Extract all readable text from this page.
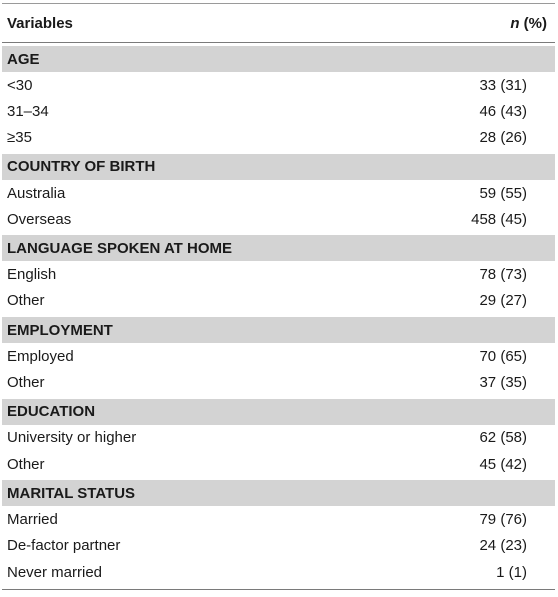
Variables	n (%)
AGE
<30	33 (31)
31–34	46 (43)
≥35	28 (26)
COUNTRY OF BIRTH
Australia	59 (55)
Overseas	458 (45)
LANGUAGE SPOKEN AT HOME
English	78 (73)
Other	29 (27)
EMPLOYMENT
Employed	70 (65)
Other	37 (35)
EDUCATION
University or higher	62 (58)
Other	45 (42)
MARITAL STATUS
Married	79 (76)
De-factor partner	24 (23)
Never married	1 (1)
